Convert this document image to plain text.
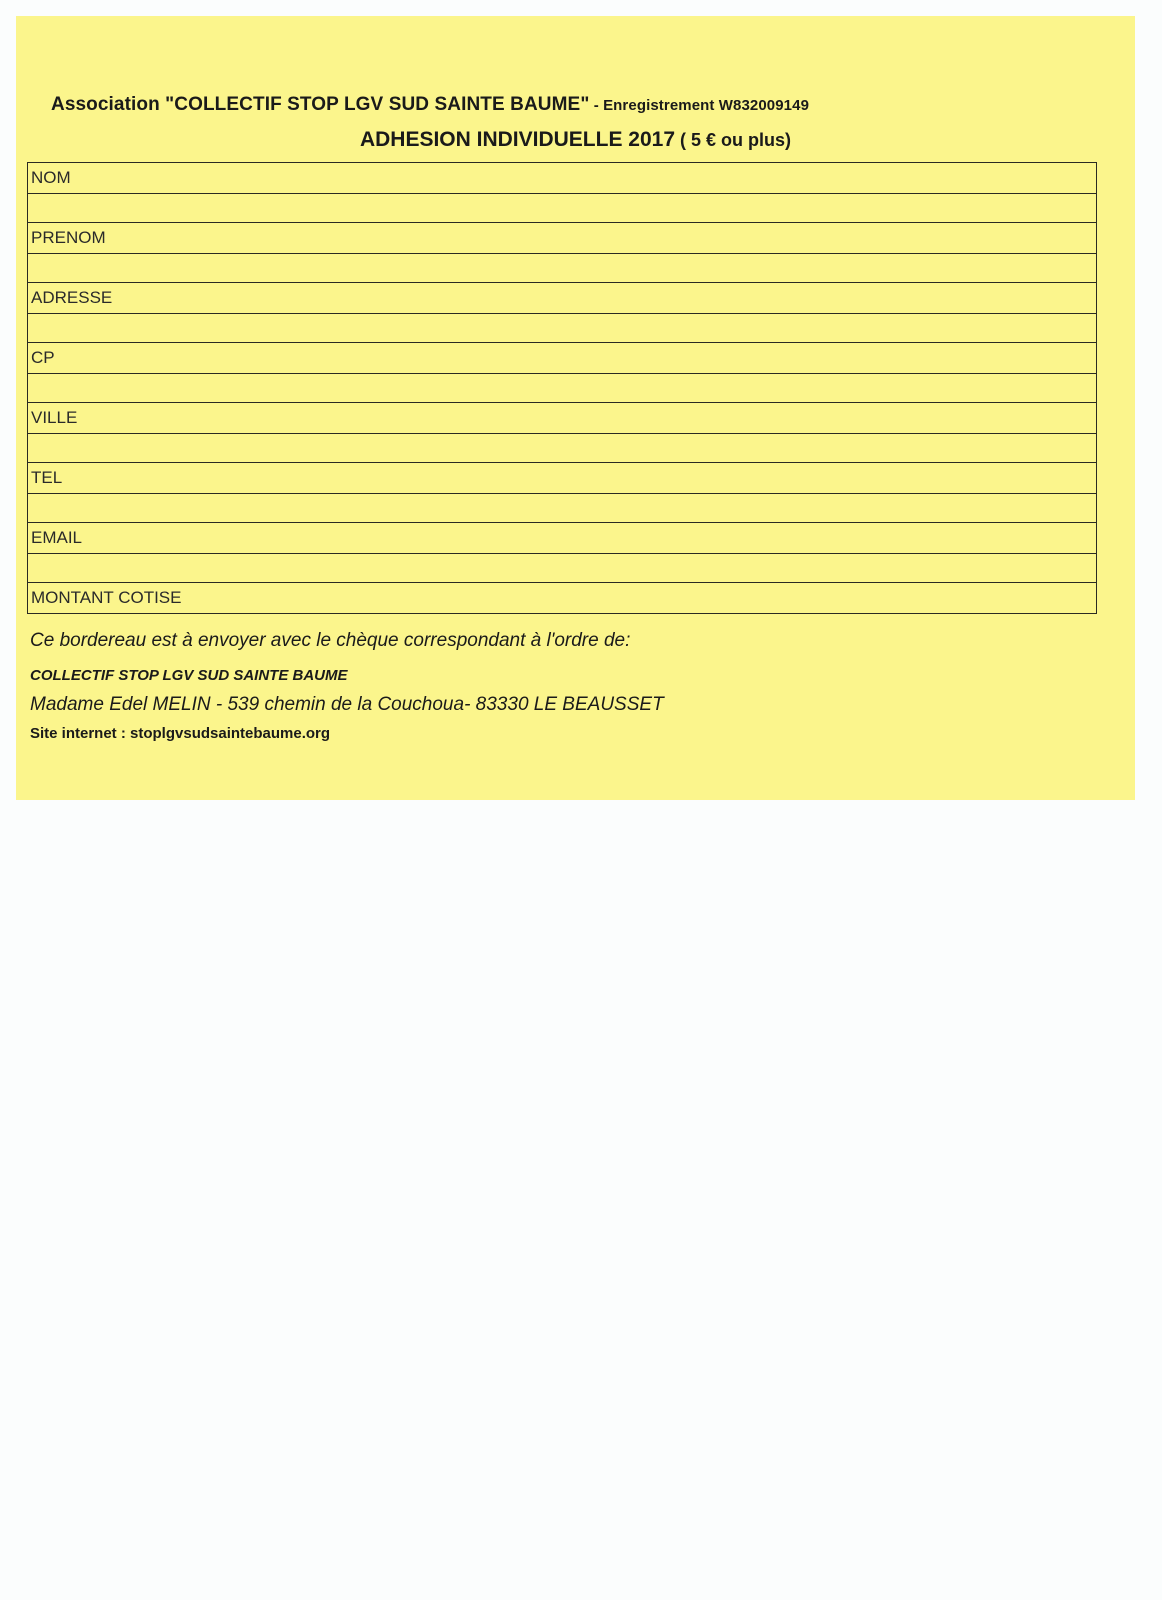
Association "COLLECTIF STOP LGV SUD SAINTE BAUME" - Enregistrement W832009149
ADHESION INDIVIDUELLE 2017 ( 5 € ou plus)
NOM

PRENOM

ADRESSE

CP

VILLE

TEL

EMAIL

MONTANT COTISE
Ce bordereau est à envoyer avec le chèque correspondant à l'ordre de:
COLLECTIF STOP LGV SUD SAINTE BAUME
Madame Edel MELIN - 539 chemin de la Couchoua- 83330 LE BEAUSSET
Site internet : stoplgvsudsaintebaume.org
